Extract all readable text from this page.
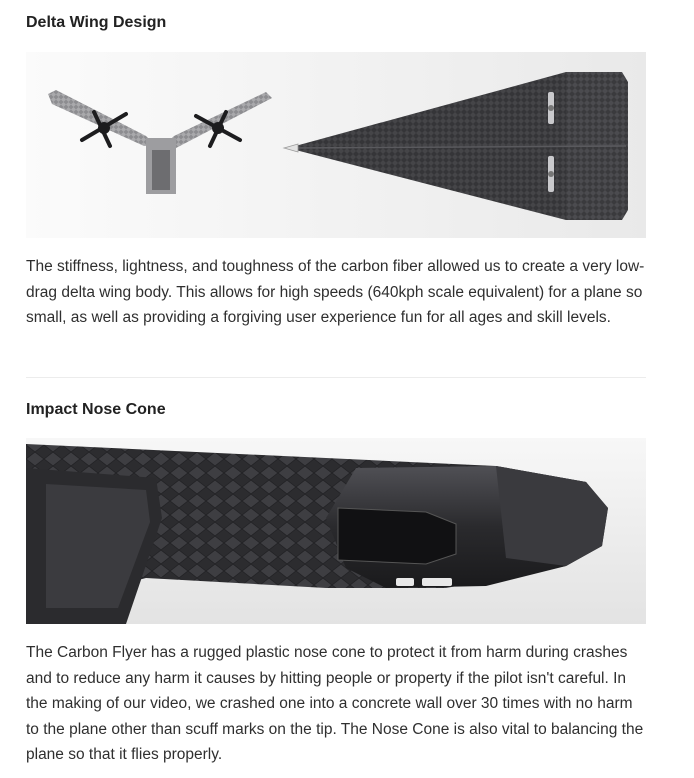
Delta Wing Design

The stiffness, lightness, and toughness of the carbon fiber allowed us to create a very low-drag delta wing body. This allows for high speeds (640kph scale equivalent) for a plane so small, as well as providing a forgiving user experience fun for all ages and skill levels.

Impact Nose Cone

The Carbon Flyer has a rugged plastic nose cone to protect it from harm during crashes and to reduce any harm it causes by hitting people or property if the pilot isn't careful. In the making of our video, we crashed one into a concrete wall over 30 times with no harm to the plane other than scuff marks on the tip. The Nose Cone is also vital to balancing the plane so that it flies properly.
